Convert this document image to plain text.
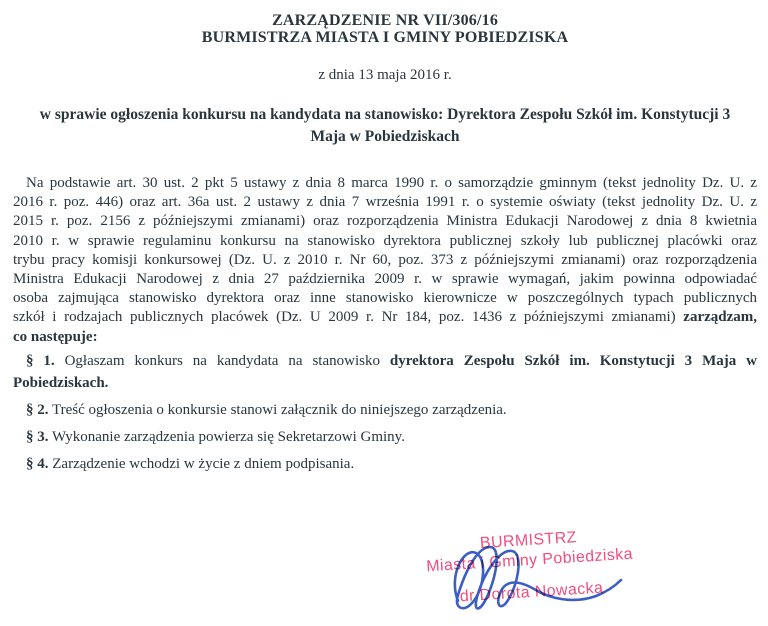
ZARZĄDZENIE NR VII/306/16
BURMISTRZA MIASTA I GMINY POBIEDZISKA
z dnia 13 maja 2016 r.
w sprawie ogłoszenia konkursu na kandydata na stanowisko: Dyrektora Zespołu Szkół im. Konstytucji 3
Maja w Pobiedziskach
Na podstawie art. 30 ust. 2 pkt 5 ustawy z dnia 8 marca 1990 r. o samorządzie gminnym (tekst jednolity Dz. U. z
2016 r. poz. 446) oraz art. 36a ust. 2 ustawy z dnia 7 września 1991 r. o systemie oświaty (tekst jednolity Dz. U. z
2015 r. poz. 2156 z późniejszymi zmianami) oraz rozporządzenia Ministra Edukacji Narodowej z dnia 8 kwietnia
2010 r. w sprawie regulaminu konkursu na stanowisko dyrektora publicznej szkoły lub publicznej placówki oraz
trybu pracy komisji konkursowej (Dz. U. z 2010 r. Nr 60, poz. 373 z późniejszymi zmianami) oraz rozporządzenia
Ministra Edukacji Narodowej z dnia 27 października 2009 r. w sprawie wymagań, jakim powinna odpowiadać
osoba zajmująca stanowisko dyrektora oraz inne stanowisko kierownicze w poszczególnych typach publicznych
szkół i rodzajach publicznych placówek (Dz. U 2009 r. Nr 184, poz. 1436 z późniejszymi zmianami) zarządzam,
co następuje:
§ 1. Ogłaszam konkurs na kandydata na stanowisko dyrektora Zespołu Szkół im. Konstytucji 3 Maja w
Pobiedziskach.

§ 2. Treść ogłoszenia o konkursie stanowi załącznik do niniejszego zarządzenia.

§ 3. Wykonanie zarządzenia powierza się Sekretarzowi Gminy.

§ 4. Zarządzenie wchodzi w życie z dniem podpisania.

BURMISTRZ
Miasta i Gminy Pobiedziska
dr Dorota Nowacka
